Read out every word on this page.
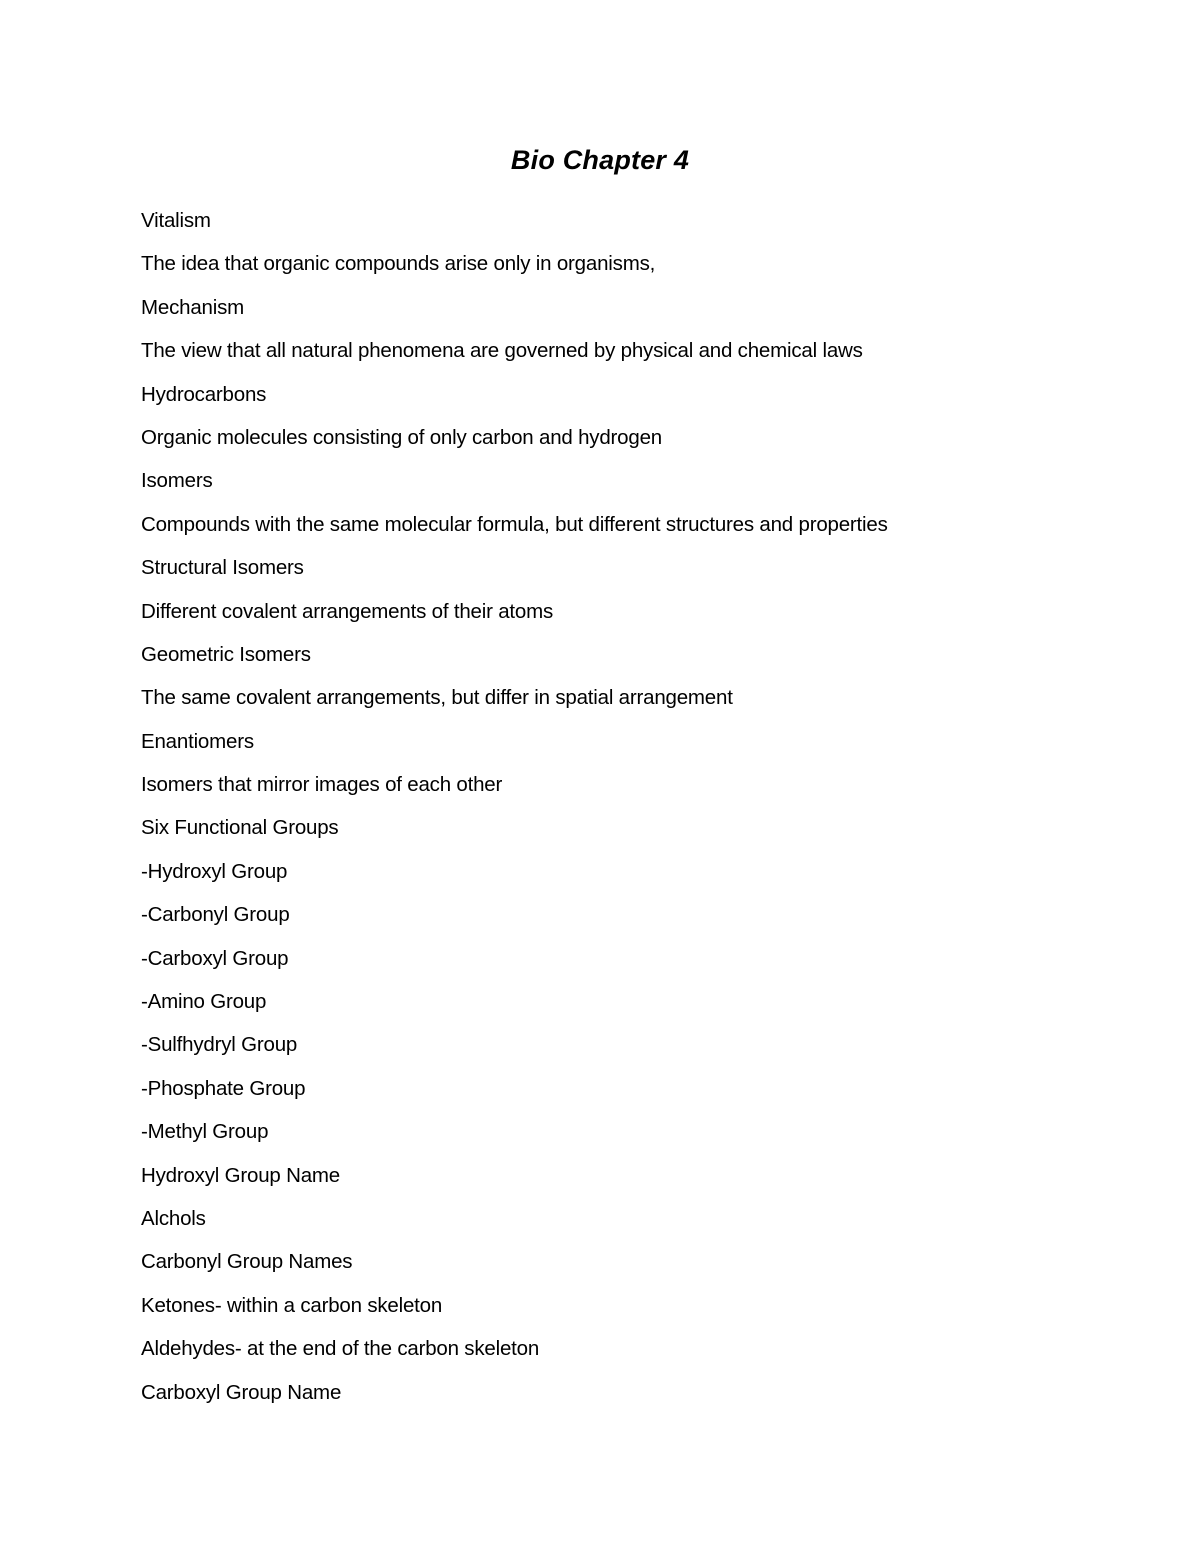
Bio Chapter 4
Vitalism
The idea that organic compounds arise only in organisms,
Mechanism
The view that all natural phenomena are governed by physical and chemical laws
Hydrocarbons
Organic molecules consisting of only carbon and hydrogen
Isomers
Compounds with the same molecular formula, but different structures and properties
Structural Isomers
Different covalent arrangements of their atoms
Geometric Isomers
The same covalent arrangements, but differ in spatial arrangement
Enantiomers
Isomers that mirror images of each other
Six Functional Groups
-Hydroxyl Group
-Carbonyl Group
-Carboxyl Group
-Amino Group
-Sulfhydryl Group
-Phosphate Group
-Methyl Group
Hydroxyl Group Name
Alchols
Carbonyl Group Names
Ketones- within a carbon skeleton
Aldehydes- at the end of the carbon skeleton
Carboxyl Group Name
